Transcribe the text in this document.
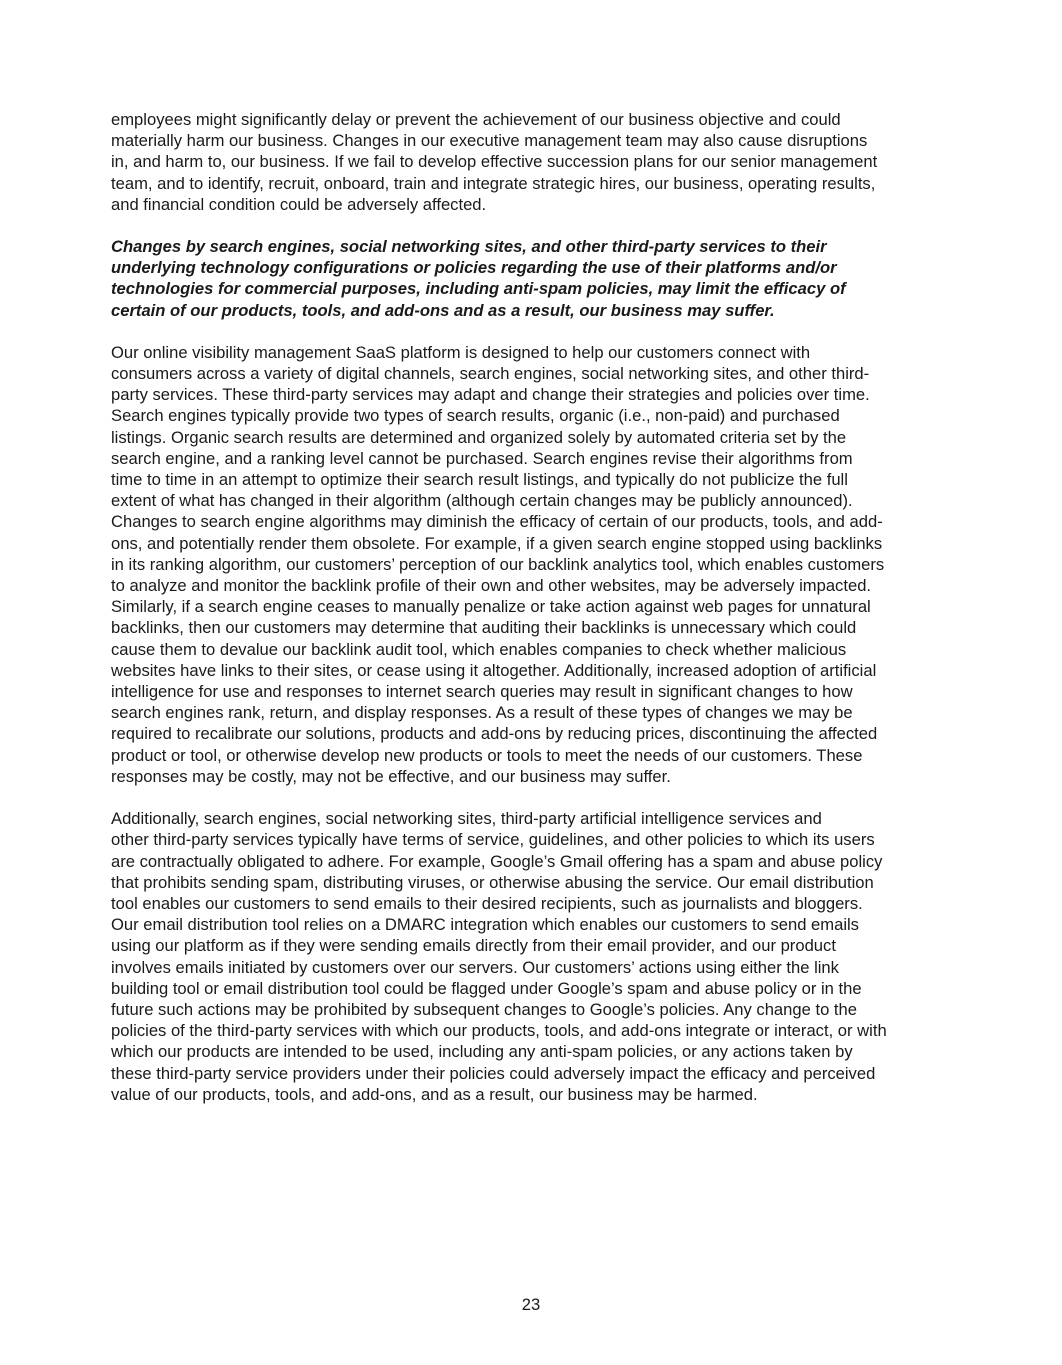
employees might significantly delay or prevent the achievement of our business objective and could
materially harm our business. Changes in our executive management team may also cause disruptions
in, and harm to, our business. If we fail to develop effective succession plans for our senior management
team, and to identify, recruit, onboard, train and integrate strategic hires, our business, operating results,
and financial condition could be adversely affected.

Changes by search engines, social networking sites, and other third-party services to their
underlying technology configurations or policies regarding the use of their platforms and/or
technologies for commercial purposes, including anti-spam policies, may limit the efficacy of
certain of our products, tools, and add-ons and as a result, our business may suffer.

Our online visibility management SaaS platform is designed to help our customers connect with
consumers across a variety of digital channels, search engines, social networking sites, and other third-
party services. These third-party services may adapt and change their strategies and policies over time.
Search engines typically provide two types of search results, organic (i.e., non-paid) and purchased
listings. Organic search results are determined and organized solely by automated criteria set by the
search engine, and a ranking level cannot be purchased. Search engines revise their algorithms from
time to time in an attempt to optimize their search result listings, and typically do not publicize the full
extent of what has changed in their algorithm (although certain changes may be publicly announced).
Changes to search engine algorithms may diminish the efficacy of certain of our products, tools, and add-
ons, and potentially render them obsolete. For example, if a given search engine stopped using backlinks
in its ranking algorithm, our customers’ perception of our backlink analytics tool, which enables customers
to analyze and monitor the backlink profile of their own and other websites, may be adversely impacted.
Similarly, if a search engine ceases to manually penalize or take action against web pages for unnatural
backlinks, then our customers may determine that auditing their backlinks is unnecessary which could
cause them to devalue our backlink audit tool, which enables companies to check whether malicious
websites have links to their sites, or cease using it altogether. Additionally, increased adoption of artificial
intelligence for use and responses to internet search queries may result in significant changes to how
search engines rank, return, and display responses. As a result of these types of changes we may be
required to recalibrate our solutions, products and add-ons by reducing prices, discontinuing the affected
product or tool, or otherwise develop new products or tools to meet the needs of our customers. These
responses may be costly, may not be effective, and our business may suffer.

Additionally, search engines, social networking sites, third-party artificial intelligence services and
other third-party services typically have terms of service, guidelines, and other policies to which its users
are contractually obligated to adhere. For example, Google’s Gmail offering has a spam and abuse policy
that prohibits sending spam, distributing viruses, or otherwise abusing the service. Our email distribution
tool enables our customers to send emails to their desired recipients, such as journalists and bloggers.
Our email distribution tool relies on a DMARC integration which enables our customers to send emails
using our platform as if they were sending emails directly from their email provider, and our product
involves emails initiated by customers over our servers. Our customers’ actions using either the link
building tool or email distribution tool could be flagged under Google’s spam and abuse policy or in the
future such actions may be prohibited by subsequent changes to Google’s policies. Any change to the
policies of the third-party services with which our products, tools, and add-ons integrate or interact, or with
which our products are intended to be used, including any anti-spam policies, or any actions taken by
these third-party service providers under their policies could adversely impact the efficacy and perceived
value of our products, tools, and add-ons, and as a result, our business may be harmed.

23
